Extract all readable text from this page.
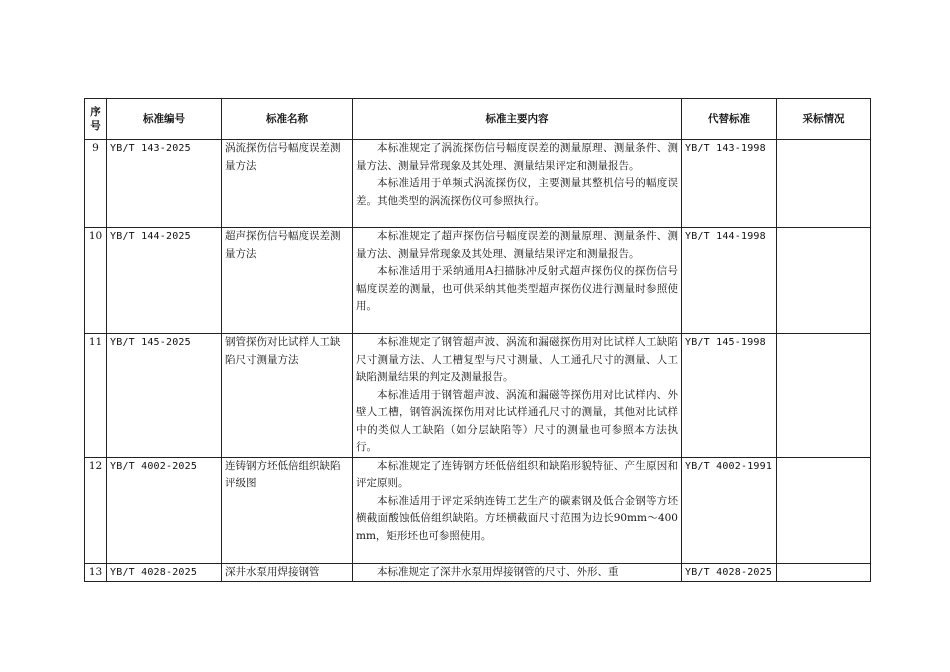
序号	标准编号	标准名称	标准主要内容	代替标准	采标情况
9	YB/T 143-2025	涡流探伤信号幅度误差测量方法	本标准规定了涡流探伤信号幅度误差的测量原理、测量条件、测量方法、测量异常现象及其处理、测量结果评定和测量报告。

本标准适用于单频式涡流探伤仪，主要测量其整机信号的幅度误差。其他类型的涡流探伤仪可参照执行。	YB/T 143-1998	
10	YB/T 144-2025	超声探伤信号幅度误差测量方法	本标准规定了超声探伤信号幅度误差的测量原理、测量条件、测量方法、测量异常现象及其处理、测量结果评定和测量报告。

本标准适用于采纳通用A扫描脉冲反射式超声探伤仪的探伤信号幅度误差的测量，也可供采纳其他类型超声探伤仪进行测量时参照使用。	YB/T 144-1998	
11	YB/T 145-2025	钢管探伤对比试样人工缺陷尺寸测量方法	本标准规定了钢管超声波、涡流和漏磁探伤用对比试样人工缺陷尺寸测量方法、人工槽复型与尺寸测量、人工通孔尺寸的测量、人工缺陷测量结果的判定及测量报告。

本标准适用于钢管超声波、涡流和漏磁等探伤用对比试样内、外壁人工槽，钢管涡流探伤用对比试样通孔尺寸的测量，其他对比试样中的类似人工缺陷（如分层缺陷等）尺寸的测量也可参照本方法执行。	YB/T 145-1998	
12	YB/T 4002-2025	连铸钢方坯低倍组织缺陷评级图	本标准规定了连铸钢方坯低倍组织和缺陷形貌特征、产生原因和评定原则。

本标准适用于评定采纳连铸工艺生产的碳素钢及低合金钢等方坯横截面酸蚀低倍组织缺陷。方坯横截面尺寸范围为边长90mm～400mm，矩形坯也可参照使用。	YB/T 4002-1991	
13	YB/T 4028-2025	深井水泵用焊接钢管	本标准规定了深井水泵用焊接钢管的尺寸、外形、重	YB/T 4028-2025	
